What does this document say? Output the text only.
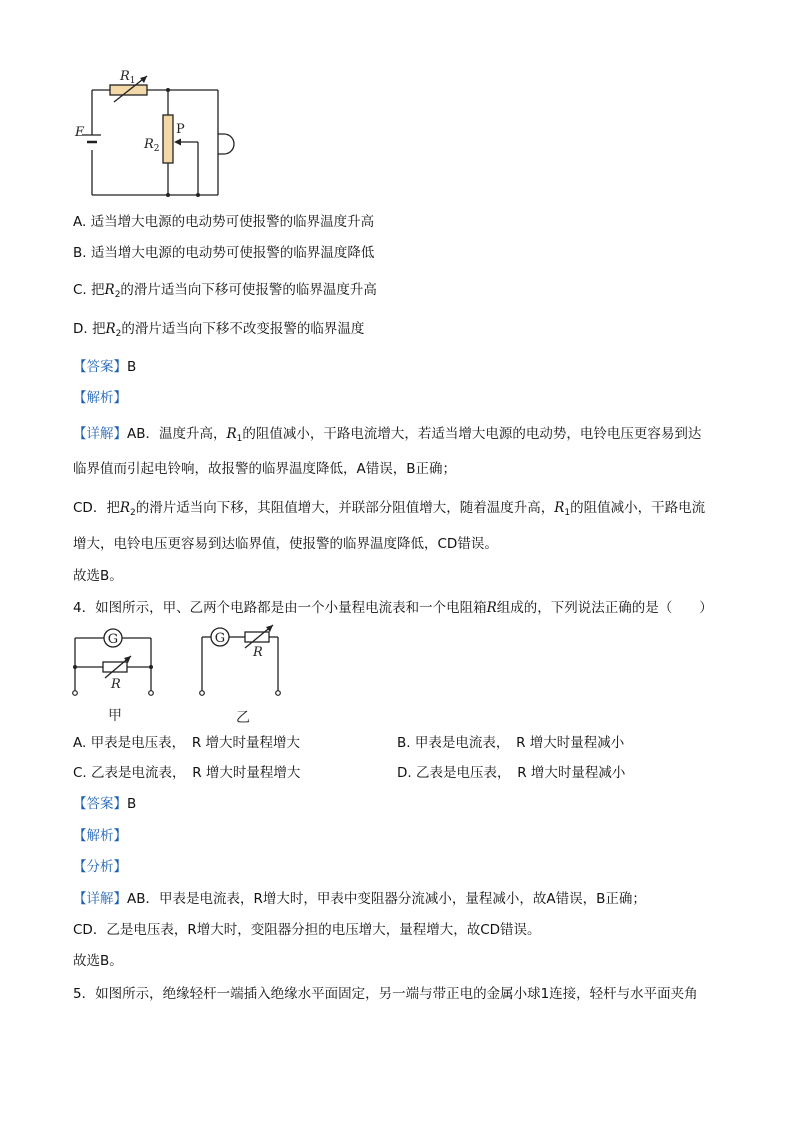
$R_1$
$R_2$
E	P
A. 适当增大电源的电动势可使报警的临界温度升高
B. 适当增大电源的电动势可使报警的临界温度降低
C. 把$R_2$的滑片适当向下移可使报警的临界温度升高
D. 把$R_2$的滑片适当向下移不改变报警的临界温度
【答案】B
【解析】
【详解】AB．温度升高，$R_1$的阻值减小，干路电流增大，若适当增大电源的电动势，电铃电压更容易到达
临界值而引起电铃响，故报警的临界温度降低，A错误，B正确；
CD．把$R_2$的滑片适当向下移，其阻值增大，并联部分阻值增大，随着温度升高，$R_1$的阻值减小，干路电流
增大，电铃电压更容易到达临界值，使报警的临界温度降低，CD错误。
故选B。
4．如图所示，甲、乙两个电路都是由一个小量程电流表和一个电阻箱R组成的，下列说法正确的是（　　）
G	G
R
R
甲	乙
A. 甲表是电压表，　R 增大时量程增大	B. 甲表是电流表，　R 增大时量程减小
C. 乙表是电流表，　R 增大时量程增大	D. 乙表是电压表，　R 增大时量程减小
【答案】B
【解析】
【分析】
【详解】AB．甲表是电流表，R增大时，甲表中变阻器分流减小，量程减小，故A错误，B正确；
CD．乙是电压表，R增大时，变阻器分担的电压增大，量程增大，故CD错误。
故选B。
5．如图所示，绝缘轻杆一端插入绝缘水平面固定，另一端与带正电的金属小球1连接，轻杆与水平面夹角
